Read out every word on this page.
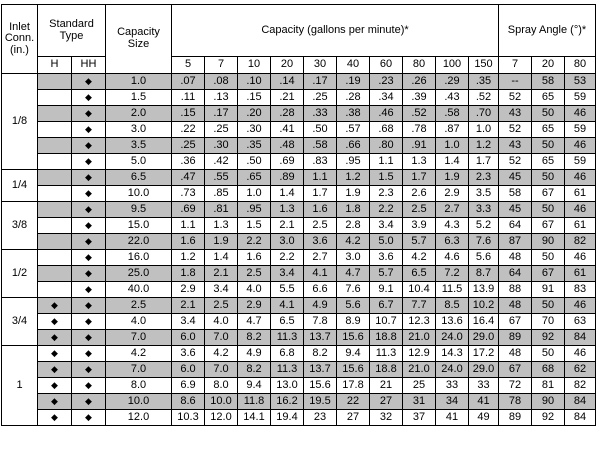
Inlet Conn. (in.)	Standard Type		Capacity Size	Capacity (gallons per minute)*										Spray Angle (°)*		
	H	HH		5	7	10	20	30	40	60	80	100	150	7	20	80
1/8		◆	1.0	.07	.08	.10	.14	.17	.19	.23	.26	.29	.35	--	58	53
		◆	1.5	.11	.13	.15	.21	.25	.28	.34	.39	.43	.52	52	65	59
		◆	2.0	.15	.17	.20	.28	.33	.38	.46	.52	.58	.70	43	50	46
		◆	3.0	.22	.25	.30	.41	.50	.57	.68	.78	.87	1.0	52	65	59
		◆	3.5	.25	.30	.35	.48	.58	.66	.80	.91	1.0	1.2	43	50	46
		◆	5.0	.36	.42	.50	.69	.83	.95	1.1	1.3	1.4	1.7	52	65	59
1/4		◆	6.5	.47	.55	.65	.89	1.1	1.2	1.5	1.7	1.9	2.3	45	50	46
		◆	10.0	.73	.85	1.0	1.4	1.7	1.9	2.3	2.6	2.9	3.5	58	67	61
3/8		◆	9.5	.69	.81	.95	1.3	1.6	1.8	2.2	2.5	2.7	3.3	45	50	46
		◆	15.0	1.1	1.3	1.5	2.1	2.5	2.8	3.4	3.9	4.3	5.2	64	67	61
		◆	22.0	1.6	1.9	2.2	3.0	3.6	4.2	5.0	5.7	6.3	7.6	87	90	82
1/2		◆	16.0	1.2	1.4	1.6	2.2	2.7	3.0	3.6	4.2	4.6	5.6	48	50	46
		◆	25.0	1.8	2.1	2.5	3.4	4.1	4.7	5.7	6.5	7.2	8.7	64	67	61
		◆	40.0	2.9	3.4	4.0	5.5	6.6	7.6	9.1	10.4	11.5	13.9	88	91	83
3/4	◆	◆	2.5	2.1	2.5	2.9	4.1	4.9	5.6	6.7	7.7	8.5	10.2	48	50	46
	◆	◆	4.0	3.4	4.0	4.7	6.5	7.8	8.9	10.7	12.3	13.6	16.4	67	70	63
	◆	◆	7.0	6.0	7.0	8.2	11.3	13.7	15.6	18.8	21.0	24.0	29.0	89	92	84
1	◆	◆	4.2	3.6	4.2	4.9	6.8	8.2	9.4	11.3	12.9	14.3	17.2	48	50	46
	◆	◆	7.0	6.0	7.0	8.2	11.3	13.7	15.6	18.8	21.0	24.0	29.0	67	68	62
	◆	◆	8.0	6.9	8.0	9.4	13.0	15.6	17.8	21	25	33	33	72	81	82
	◆	◆	10.0	8.6	10.0	11.8	16.2	19.5	22	27	31	34	41	78	90	84
	◆	◆	12.0	10.3	12.0	14.1	19.4	23	27	32	37	41	49	89	92	84
